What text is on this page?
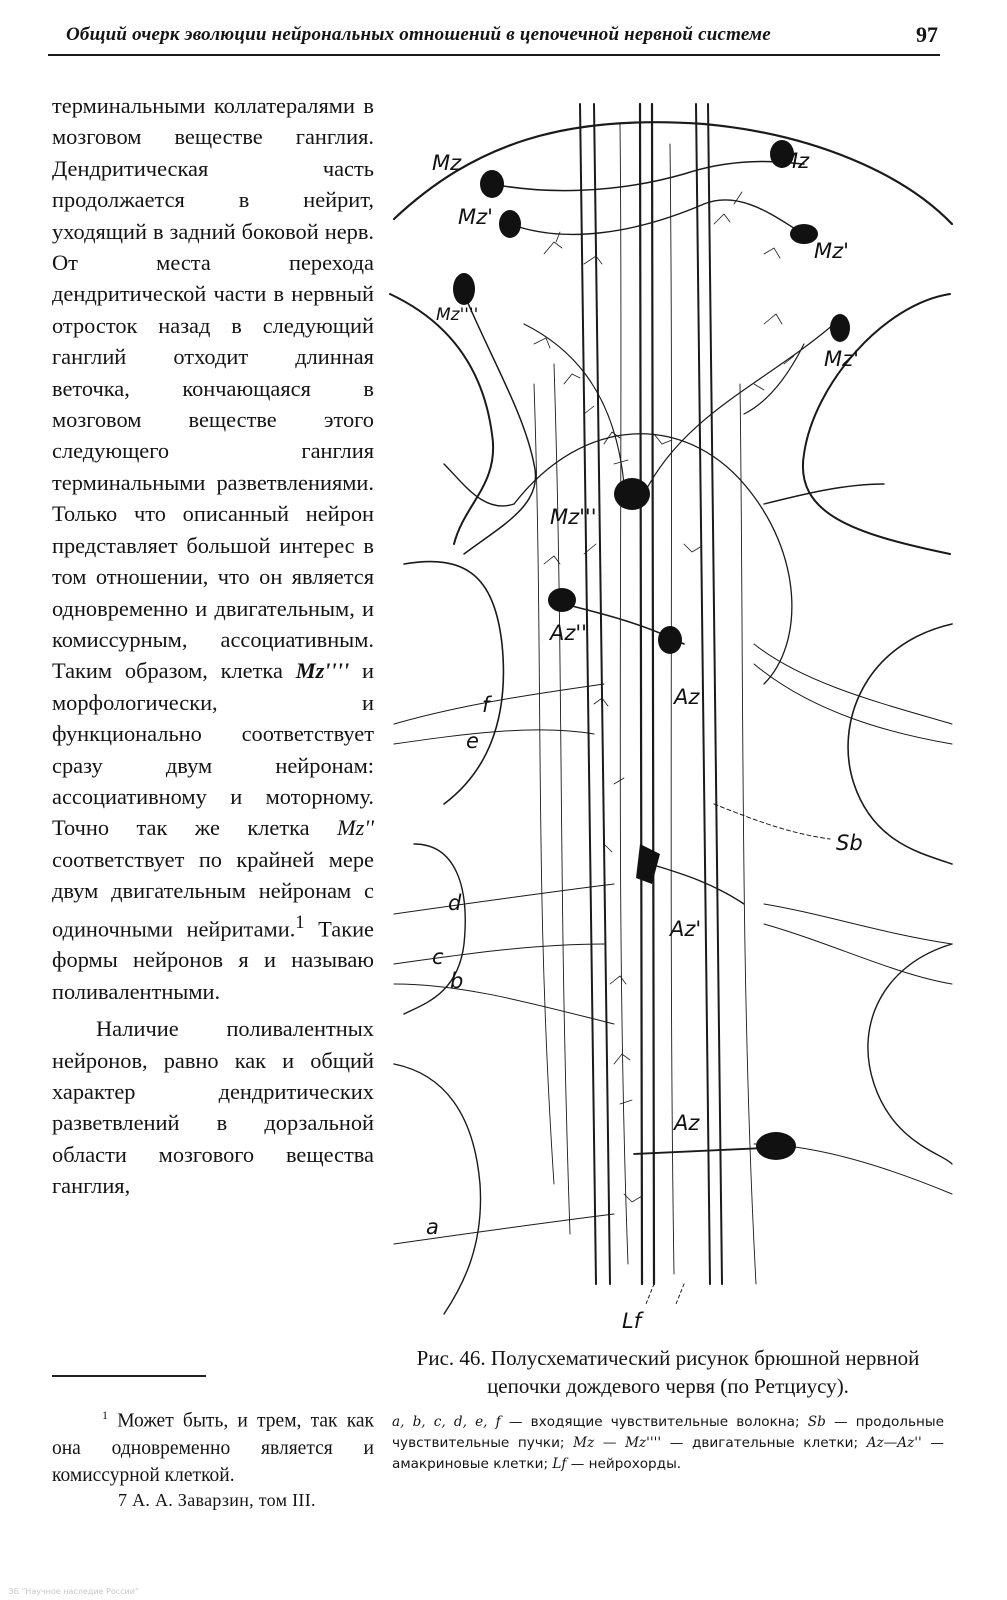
Общий очерк эволюции нейрональных отношений в цепочечной нервной системе	97

терминальными коллатералями в мозговом веществе ганглия. Дендритическая часть продолжается в нейрит, уходящий в задний боковой нерв. От места перехода дендритической части в нервный отросток назад в следующий ганглий отходит длинная веточка, кончающаяся в мозговом веществе этого следующего ганглия терминальными разветвлениями. Только что описанный нейрон представляет большой интерес в том отношении, что он является одновременно и двигательным, и комиссурным, ассоциативным. Таким образом, клетка Mz'''' и морфологически, и функционально соответствует сразу двум нейронам: ассоциативному и моторному. Точно так же клетка Mz'' соответствует по крайней мере двум двигательным нейронам с одиночными нейритами.$^1$ Такие формы нейронов я и называю поливалентными.

Наличие поливалентных нейронов, равно как и общий характер дендритических разветвлений в дорзальной области мозгового вещества ганглия,

$^1$ Может быть, и трем, так как она одновременно является и комиссурной клеткой.
7 А. А. Заварзин, том III.
Mz	Mz
Mz'
Mz'
Mz''''
Mz'
Mz'''
Az''
Az
f
e
Sb
d
Az'
c
b
Az
a
Lf
Рис. 46. Полусхематический рисунок брюшной нервной цепочки дождевого червя (по Ретциусу).
a, b, c, d, e, f — входящие чувствительные волокна; Sb — продольные чувствительные пучки; Mz — Mz'''' — двигательные клетки; Az—Az'' — амакриновые клетки; Lf — нейрохорды.
ЭБ "Научное наследие России"
